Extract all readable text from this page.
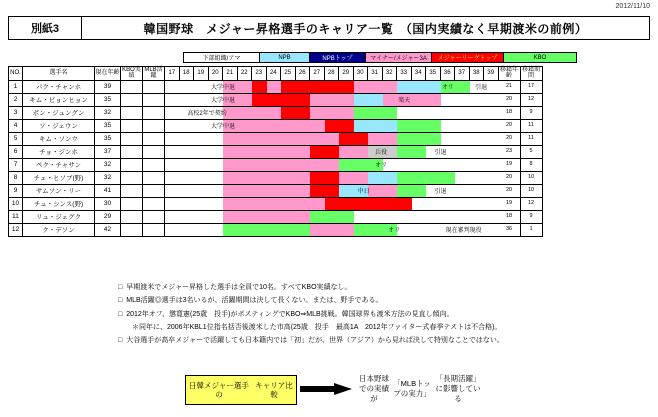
2012/11/10
別紙3	韓国野球　メジャー昇格選手のキャリア一覧　（国内実績なく早期渡米の前例）
下部組織/アマ	NPB	NPBトップ	マイナー/メジャー3A	メジャーリーグトップ	KBO
NO.	選手名	現在年齢	KBO実績	MLB活躍	17	18	19	20	21	22	23	24	25	26	27	28	29	30	31	32	33	34	35	36	37	38	39	移籍年齢	移籍期間
1	パク・チャンホ	39			大学中退 オリ 引退																							21	17
2	キム・ビョンヒョン	35			大学中退 楽天																							20	12
3	ボン・ジュングン	32			高校2年で契約																							18	9
4	ソ・ジェウン	35			大学中退																							20	11
5	キム・ソンウ	35																										20	11
6	チョ・ジンホ	37			兵役 引退																							23	5
7	ペク・チャサン	32			オリ																							19	8
8	チェ・ヒソブ(野)	32																										20	10
9	サムソン・リー	41			中日 引退																							20	10
10	チュ・シンス(野)	30																										19	12
11	リュ・ジェグク	29																										18	9
12	ク・デソン	42			オリ 現在審判現役																							36	1
□ 早期渡米でメジャー昇格した選手は全員で10名。すべてKBO実績なし。
□ MLB活躍◎選手は3名いるが、活躍期間は決して長くない。または、野手である。
□ 2012年オフ、懲寛憲(25歳　投手)がポスティングでKBO⇒MLB挑戦。韓国球界も渡米方法の見直し傾向。
＊同年に、2006年KBL1位指名括否後渡米した市高(25歳　投手　最高1A　2012年ファイター式春季テストは不合格)。
□ 大谷選手が高卒メジャーで活躍しても日本籍内では「初」だが、世界（アジア）から見れば決して特別なことではない。
日韓メジャー選手の

キャリア比較
日本野球での実績が

「MLBトップの実力」

「長期活躍」に影響している
